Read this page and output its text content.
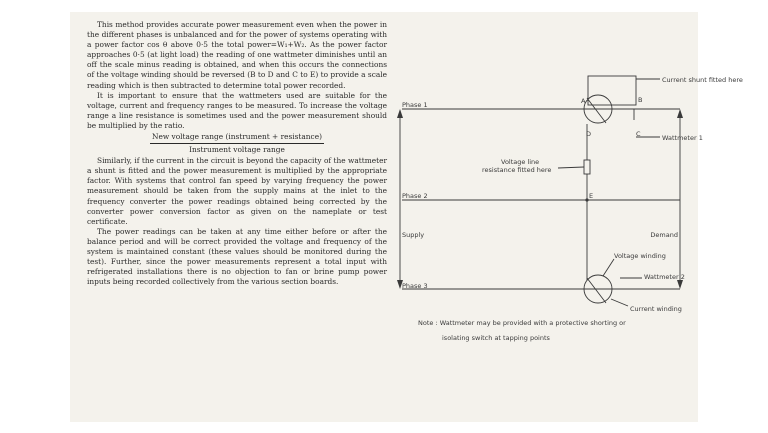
This method provides accurate power measurement even when the power in the different phases is unbalanced and for the power of systems operating with a power factor cos θ above 0·5 the total power=W₁+W₂. As the power factor approaches 0·5 (at light load) the reading of one wattmeter diminishes until an off the scale minus reading is obtained, and when this occurs the connections of the voltage winding should be reversed (B to D and C to E) to provide a scale reading which is then subtracted to determine total power recorded.

It is important to ensure that the wattmeters used are suitable for the voltage, current and frequency ranges to be measured. To increase the voltage range a line resistance is sometimes used and the power measurement should be multiplied by the ratio.

New voltage range (instrument + resistance)
Instrument voltage range

Similarly, if the current in the circuit is beyond the capacity of the wattmeter a shunt is fitted and the power measurement is multiplied by the appropriate factor. With systems that control fan speed by varying frequency the power measurement should be taken from the supply mains at the inlet to the frequency converter the power readings obtained being corrected by the converter power conversion factor as given on the nameplate or test certificate.

The power readings can be taken at any time either before or after the balance period and will be correct provided the voltage and frequency of the system is maintained constant (these values should be monitored during the test). Further, since the power measurements represent a total input with refrigerated installations there is no objection to fan or brine pump power inputs being recorded collectively from the various section boards.

Current shunt fitted here
Phase 1
Phase 2
Phase 3
A	B
C
D
E
Wattmeter 1
Voltage line
resistance fitted here
Supply	Demand
Voltage winding
Wattmeter 2
Current winding
Note : Wattmeter may be provided with a protective shorting or
isolating switch at tapping points
